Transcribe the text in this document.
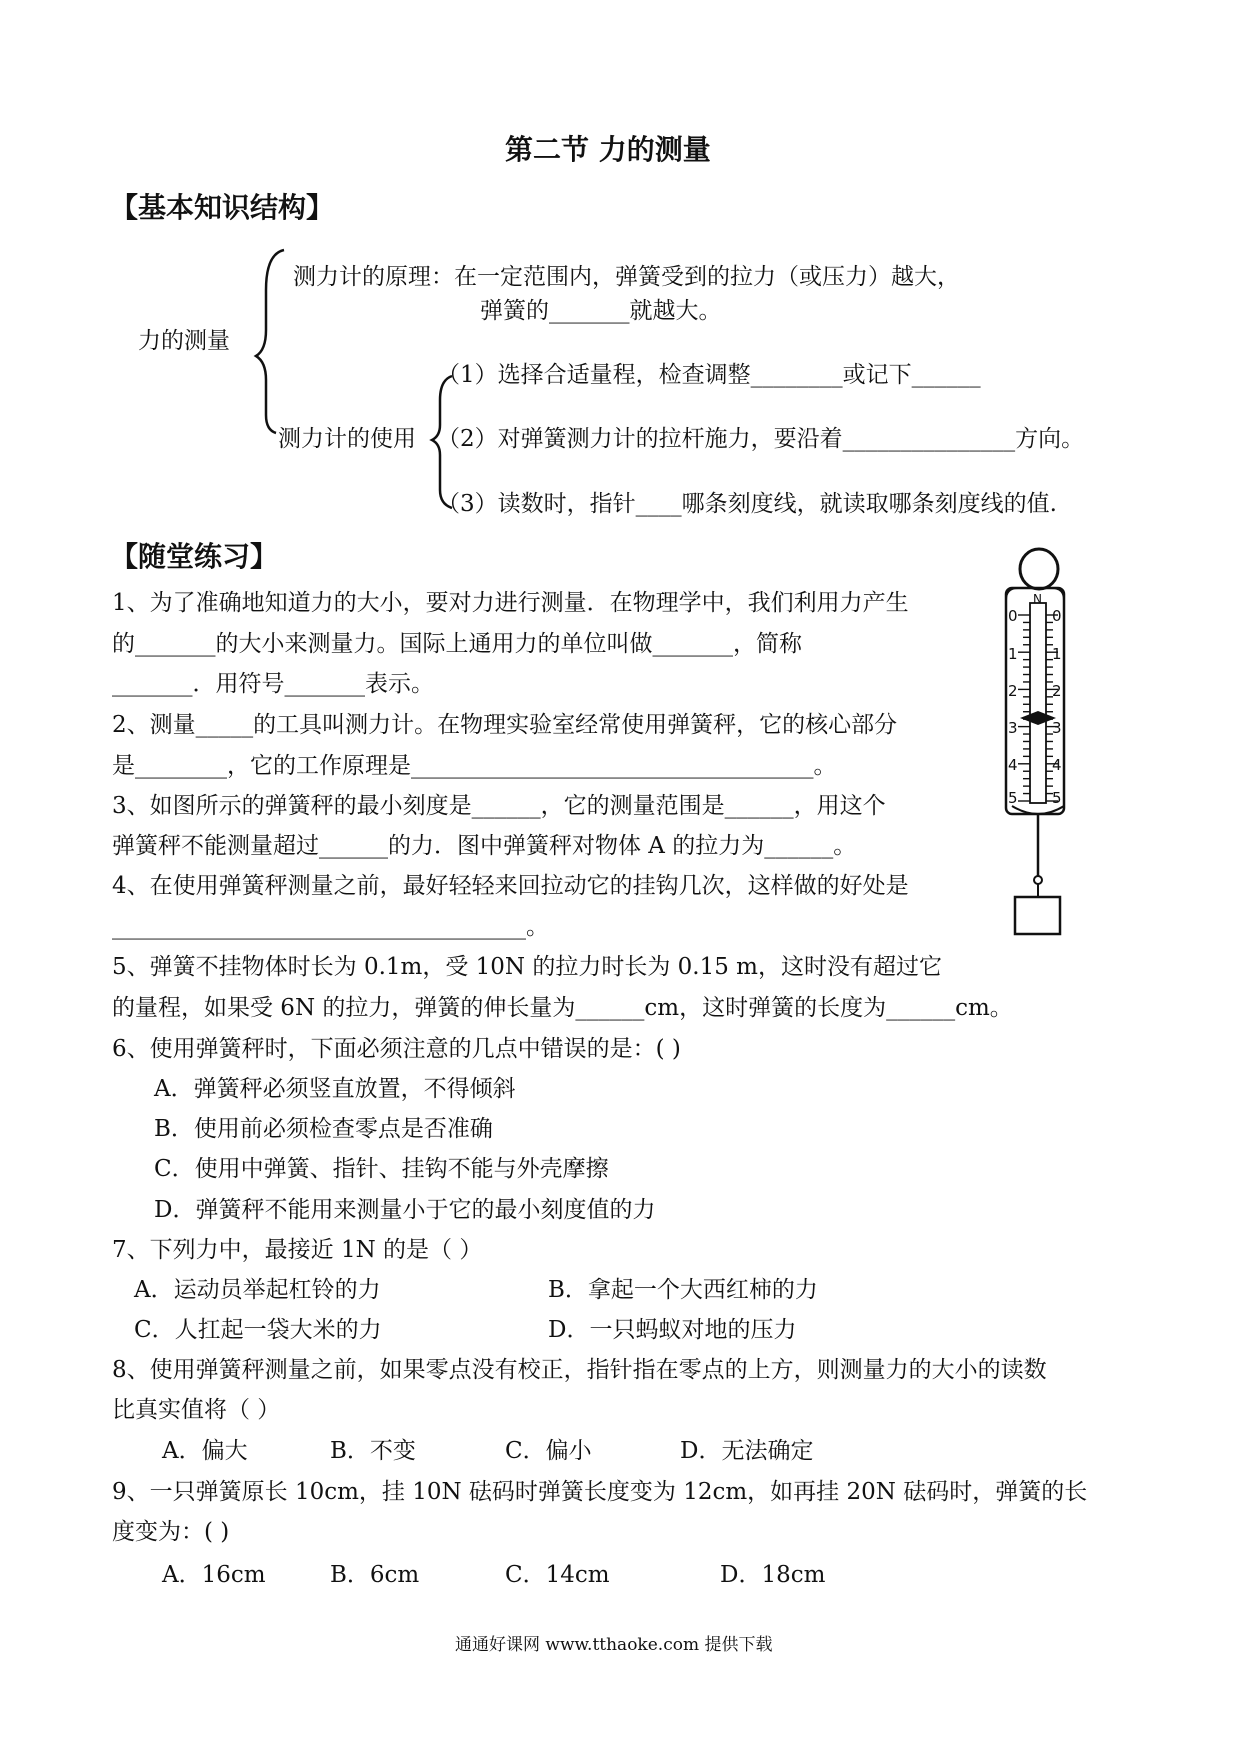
第二节 力的测量
【基本知识结构】
测力计的原理：在一定范围内，弹簧受到的拉力（或压力）越大，
弹簧的_______就越大。
力的测量
测力计的使用
（1）选择合适量程，检查调整________或记下______
（2）对弹簧测力计的拉杆施力，要沿着_______________方向。
（3）读数时，指针____哪条刻度线，就读取哪条刻度线的值.
【随堂练习】
1、为了准确地知道力的大小，要对力进行测量．在物理学中，我们利用力产生
的_______的大小来测量力。国际上通用力的单位叫做_______，简称
_______．用符号_______表示。
2、测量_____的工具叫测力计。在物理实验室经常使用弹簧秤，它的核心部分
是________，它的工作原理是___________________________________。
3、如图所示的弹簧秤的最小刻度是______，它的测量范围是______，用这个
弹簧秤不能测量超过______的力．图中弹簧秤对物体 A 的拉力为______。
4、在使用弹簧秤测量之前，最好轻轻来回拉动它的挂钩几次，这样做的好处是
____________________________________。
5、弹簧不挂物体时长为 0.1m，受 10N 的拉力时长为 0.15 m，这时没有超过它
的量程，如果受 6N 的拉力，弹簧的伸长量为______cm，这时弹簧的长度为______cm。
6、使用弹簧秤时，下面必须注意的几点中错误的是：( )
A．弹簧秤必须竖直放置，不得倾斜
B．使用前必须检查零点是否准确
C．使用中弹簧、指针、挂钩不能与外壳摩擦
D．弹簧秤不能用来测量小于它的最小刻度值的力
7、下列力中，最接近 1N 的是（ ）
A．运动员举起杠铃的力	B．拿起一个大西红柿的力
C．人扛起一袋大米的力	D．一只蚂蚁对地的压力
8、使用弹簧秤测量之前，如果零点没有校正，指针指在零点的上方，则测量力的大小的读数
比真实值将（ ）
A．偏大	B．不变	C．偏小	D．无法确定
9、一只弹簧原长 10cm，挂 10N 砝码时弹簧长度变为 12cm，如再挂 20N 砝码时，弹簧的长
度变为：( )
A．16cm	B．6cm	C．14cm	D．18cm
N
0 0
1 1
2 2
3 3
4 4
5 5
通通好课网 www.tthaoke.com 提供下载
